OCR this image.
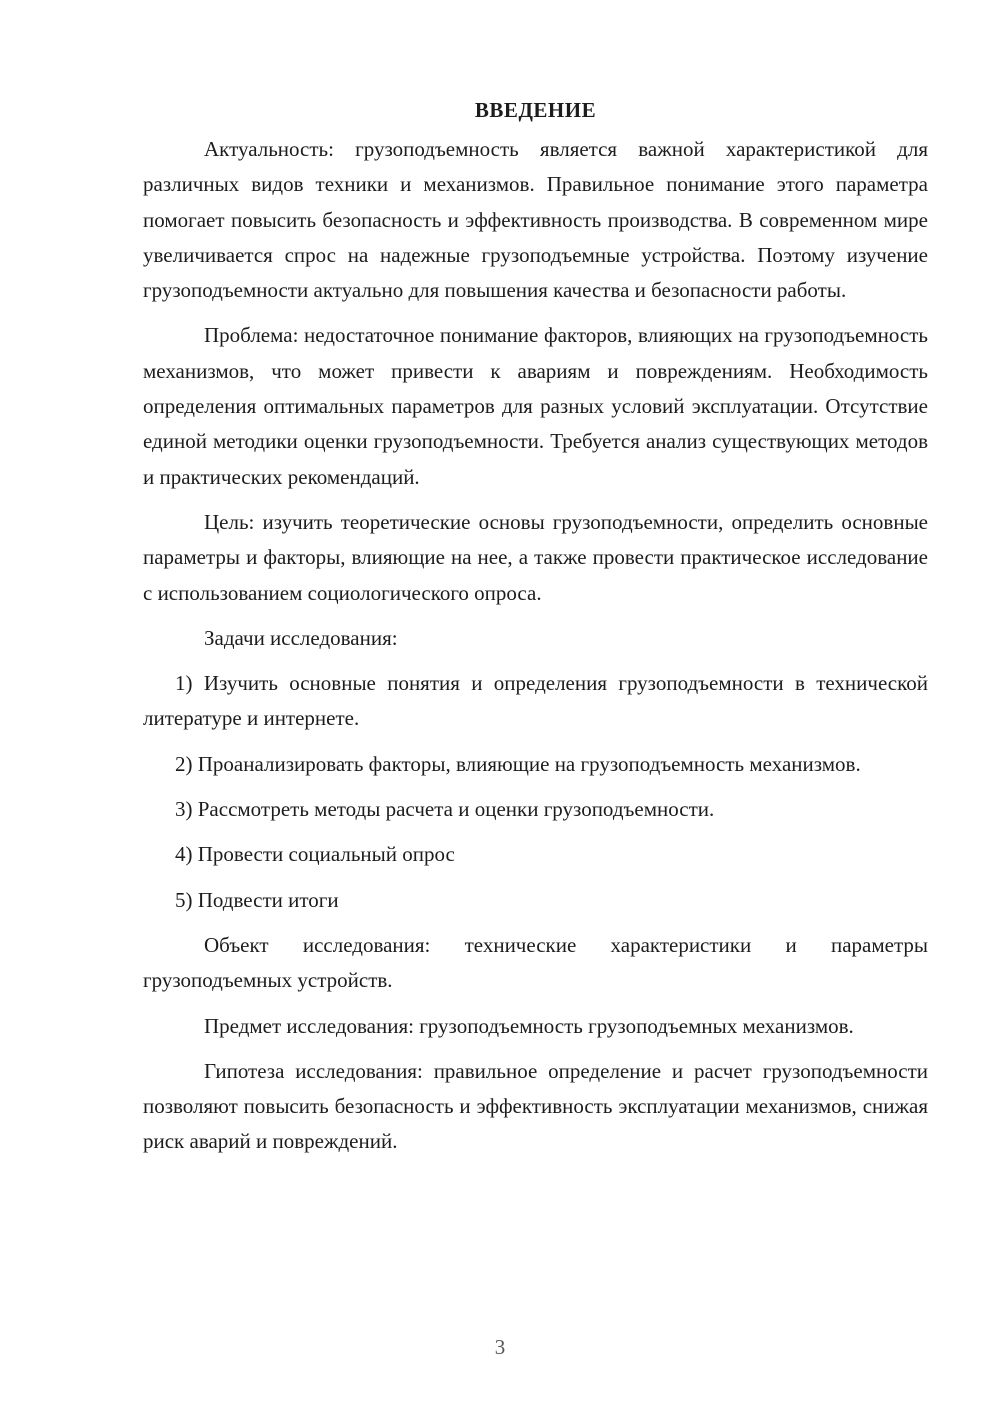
ВВЕДЕНИЕ

Актуальность: грузоподъемность является важной характеристикой для различных видов техники и механизмов. Правильное понимание этого параметра помогает повысить безопасность и эффективность производства. В современном мире увеличивается спрос на надежные грузоподъемные устройства. Поэтому изучение грузоподъемности актуально для повышения качества и безопасности работы.

Проблема: недостаточное понимание факторов, влияющих на грузоподъемность механизмов, что может привести к авариям и повреждениям. Необходимость определения оптимальных параметров для разных условий эксплуатации. Отсутствие единой методики оценки грузоподъемности. Требуется анализ существующих методов и практических рекомендаций.

Цель: изучить теоретические основы грузоподъемности, определить основные параметры и факторы, влияющие на нее, а также провести практическое исследование с использованием социологического опроса.

Задачи исследования:

1) Изучить основные понятия и определения грузоподъемности в технической литературе и интернете.

2) Проанализировать факторы, влияющие на грузоподъемность механизмов.

3) Рассмотреть методы расчета и оценки грузоподъемности.

4) Провести социальный опрос

5) Подвести итоги

Объект исследования: технические характеристики и параметры грузоподъемных устройств.

Предмет исследования: грузоподъемность грузоподъемных механизмов.

Гипотеза исследования: правильное определение и расчет грузоподъемности позволяют повысить безопасность и эффективность эксплуатации механизмов, снижая риск аварий и повреждений.

3
